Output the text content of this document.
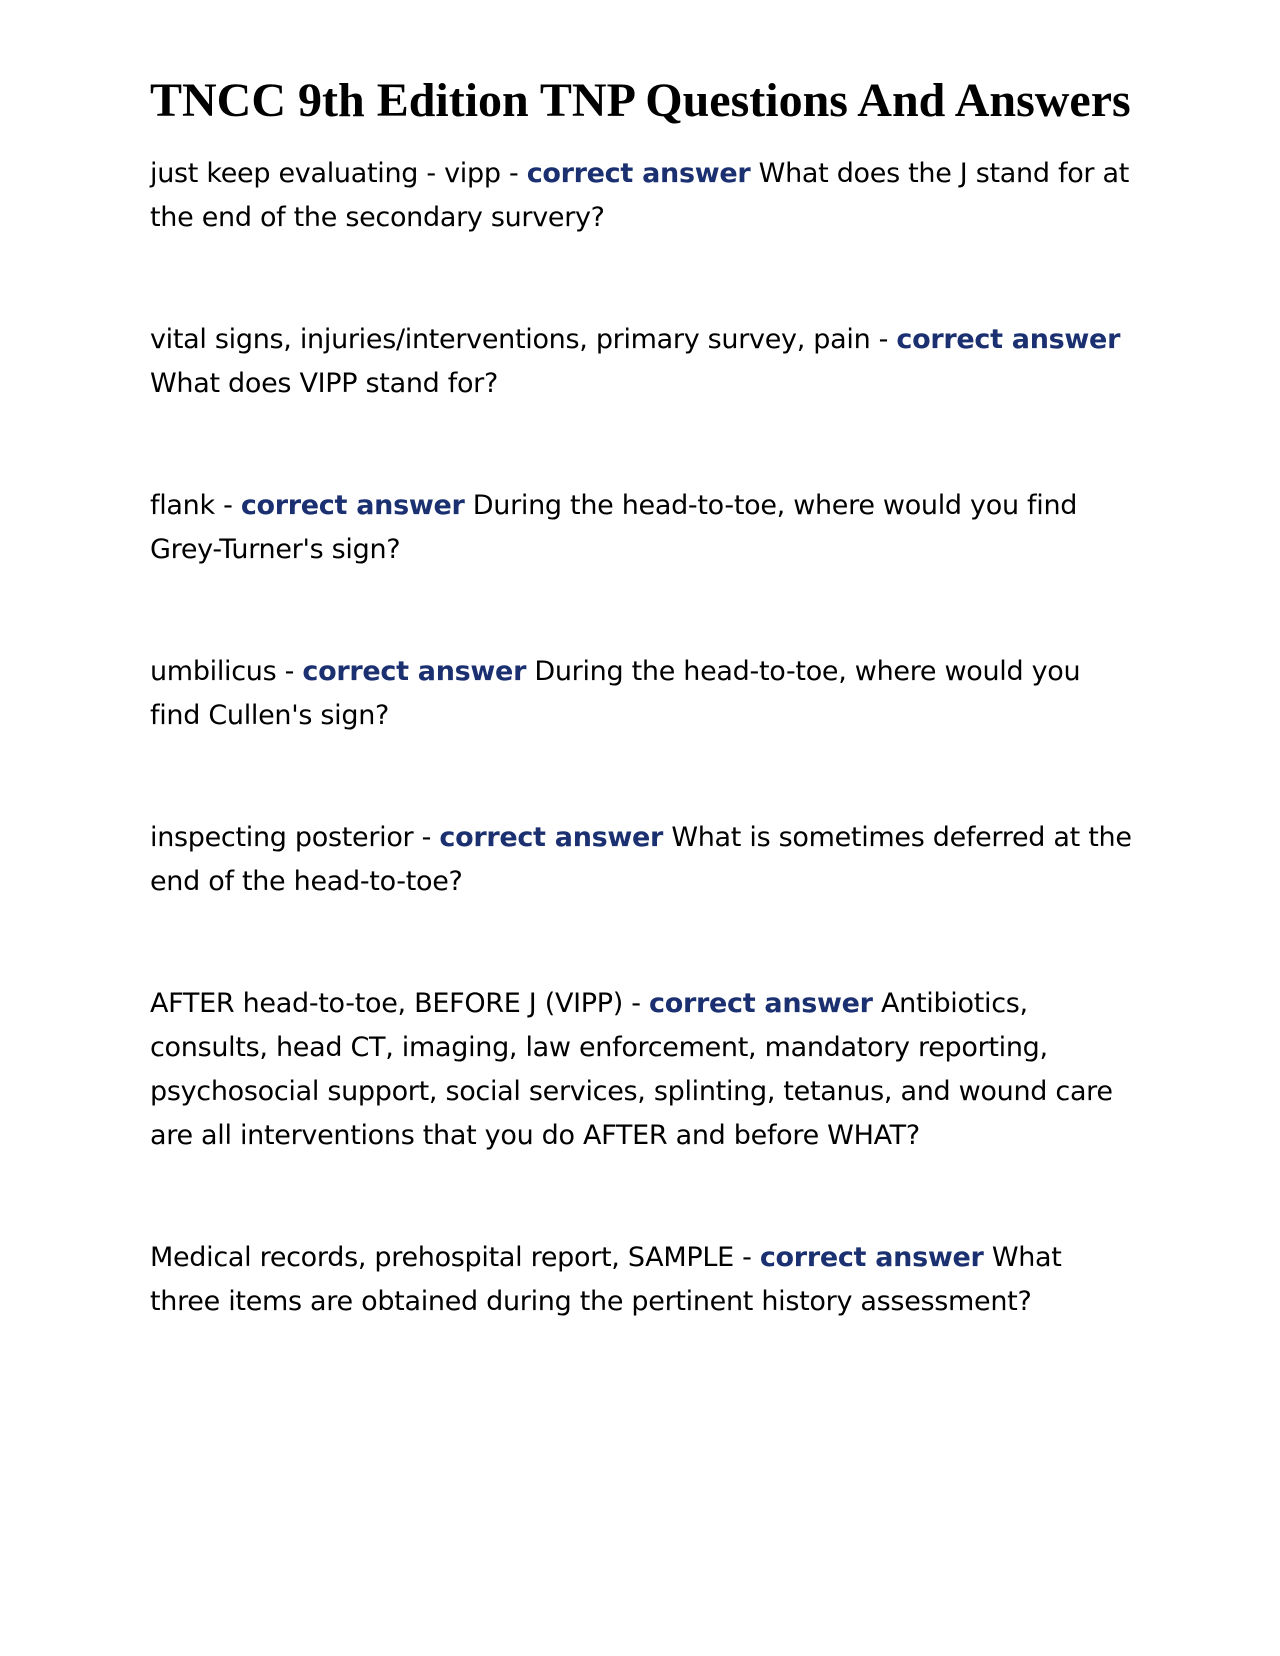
TNCC 9th Edition TNP Questions And Answers

just keep evaluating - vipp - correct answer What does the J stand for at the end of the secondary survery?

vital signs, injuries/interventions, primary survey, pain - correct answer What does VIPP stand for?

flank - correct answer During the head-to-toe, where would you find Grey-Turner's sign?

umbilicus - correct answer During the head-to-toe, where would you find Cullen's sign?

inspecting posterior - correct answer What is sometimes deferred at the end of the head-to-toe?

AFTER head-to-toe, BEFORE J (VIPP) - correct answer Antibiotics, consults, head CT, imaging, law enforcement, mandatory reporting, psychosocial support, social services, splinting, tetanus, and wound care are all interventions that you do AFTER and before WHAT?

Medical records, prehospital report, SAMPLE - correct answer What three items are obtained during the pertinent history assessment?
